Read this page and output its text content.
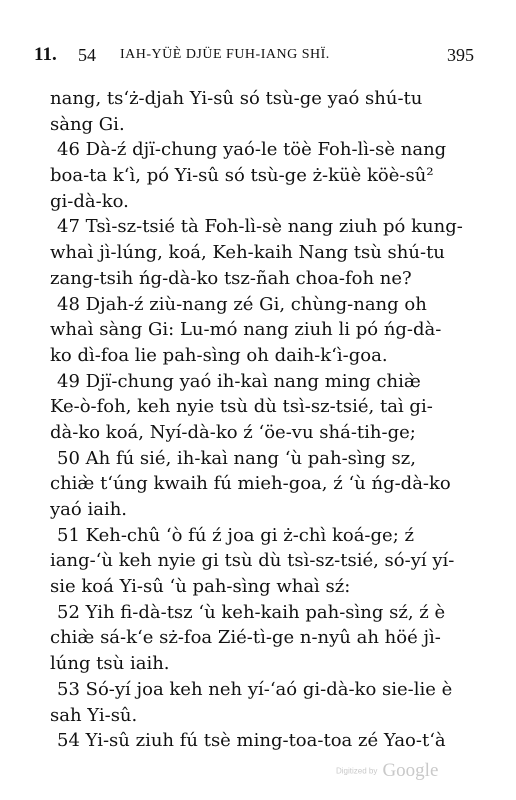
11. 54 IAH-YÜÈ DJÜE FUH-IANG SHÏ.	395
nang, ts‘ż-djah Yi-sû só tsù-ge yaó shú-tu
sàng Gi.
46 Dà-ź djï-chung yaó-le töè Foh-lì-sè nang
boa-ta k‘ì, pó Yi-sû só tsù-ge ż-küè köè-sû²
gi-dà-ko.
47 Tsì-sz-tsié tà Foh-lì-sè nang ziuh pó kung-
whaì jì-lúng, koá, Keh-kaih Nang tsù shú-tu
zang-tsih ńg-dà-ko tsz-ñah choa-foh ne?
48 Djah-ź ziù-nang zé Gi, chùng-nang oh
whaì sàng Gi: Lu-mó nang ziuh li pó ńg-dà-
ko dì-foa lie pah-sìng oh daih-k‘ì-goa.
49 Djï-chung yaó ih-kaì nang ming chiæ̀
Ke-ò-foh, keh nyie tsù dù tsì-sz-tsié, taì gi-
dà-ko koá, Nyí-dà-ko ź ‘öe-vu shá-tih-ge;
50 Ah fú sié, ih-kaì nang ‘ù pah-sìng sz,
chiæ̀ t‘úng kwaih fú mieh-goa, ź ‘ù ńg-dà-ko
yaó iaih.
51 Keh-chû ‘ò fú ź joa gi ż-chì koá-ge; ź
iang-‘ù keh nyie gi tsù dù tsì-sz-tsié, só-yí yí-
sie koá Yi-sû ‘ù pah-sìng whaì sź:
52 Yih fi-dà-tsz ‘ù keh-kaih pah-sìng sź, ź è
chiæ̀ sá-k‘e sż-foa Zié-tì-ge n-nyû ah höé jì-
lúng tsù iaih.
53 Só-yí joa keh neh yí-‘aó gi-dà-ko sie-lie è
sah Yi-sû.
54 Yi-sû ziuh fú tsè ming-toa-toa zé Yao-t‘à
Digitized by Google
